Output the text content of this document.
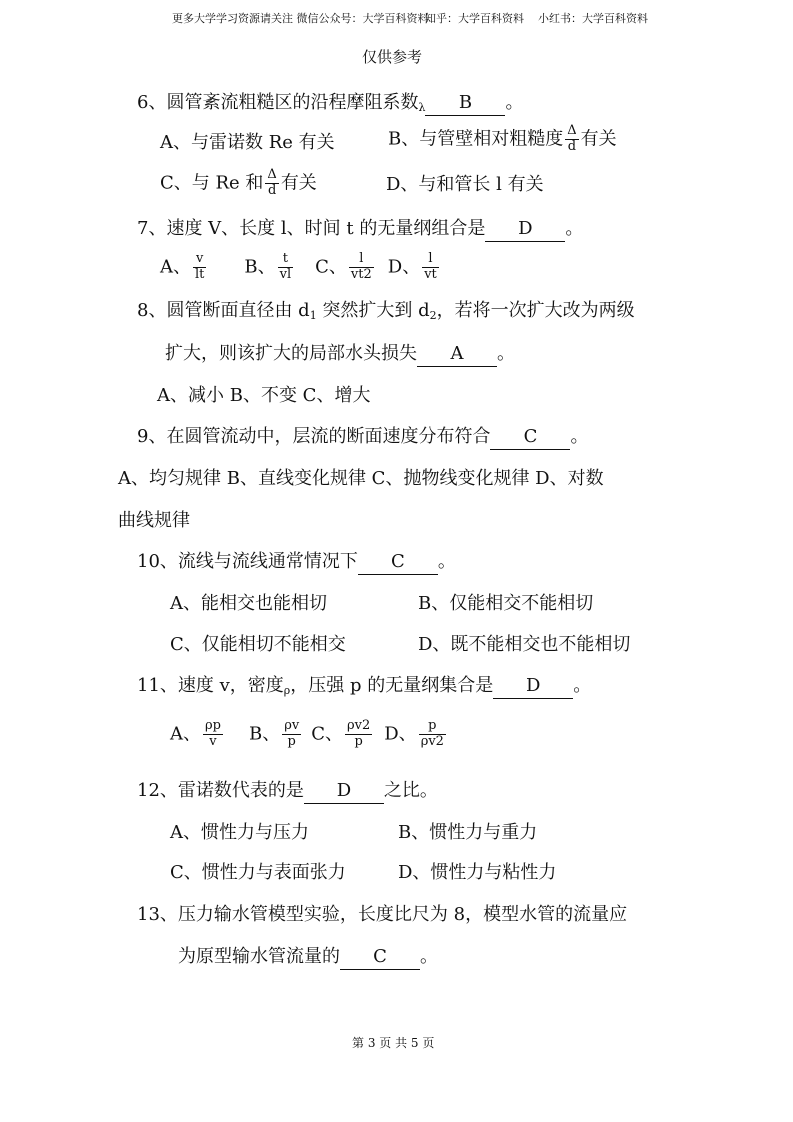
更多大学学习资源请关注 微信公众号：大学百科资料
知乎：大学百科资料 小红书：大学百科资料
仅供参考
6、圆管紊流粗糙区的沿程摩阻系数$_\lambda$ B 。
A、与雷诺数 Re 有关	B、与管壁相对粗糙度 $\frac{\Delta}{d}$ 有关
C、与 Re 和 $\frac{\Delta}{d}$ 有关	D、与和管长 l 有关
7、速度 V、长度 l、时间 t 的无量纲组合是 D 。
A、 $\frac{v}{lt}$ B、 $\frac{t}{vl}$ C、 $\frac{l}{vt2}$ D、 $\frac{l}{vt}$
8、圆管断面直径由 $d_1$ 突然扩大到 $d_2$，若将一次扩大改为两级
扩大，则该扩大的局部水头损失 A 。
A、减小 B、不变 C、增大
9、在圆管流动中，层流的断面速度分布符合 C 。
A、均匀规律 B、直线变化规律 C、抛物线变化规律 D、对数
曲线规律
10、流线与流线通常情况下 C 。
A、能相交也能相切	B、仅能相交不能相切
C、仅能相切不能相交	D、既不能相交也不能相切
11、速度 v，密度$_\rho$，压强 p 的无量纲集合是 D 。
A、 $\frac{\rho p}{v}$ B、 $\frac{\rho v}{p}$ C、 $\frac{\rho v2}{p}$ D、 $\frac{p}{\rho v2}$
12、雷诺数代表的是 D 之比。
A、惯性力与压力	B、惯性力与重力
C、惯性力与表面张力	D、惯性力与粘性力
13、压力输水管模型实验，长度比尺为 8，模型水管的流量应
为原型输水管流量的 C 。
第 3 页 共 5 页
